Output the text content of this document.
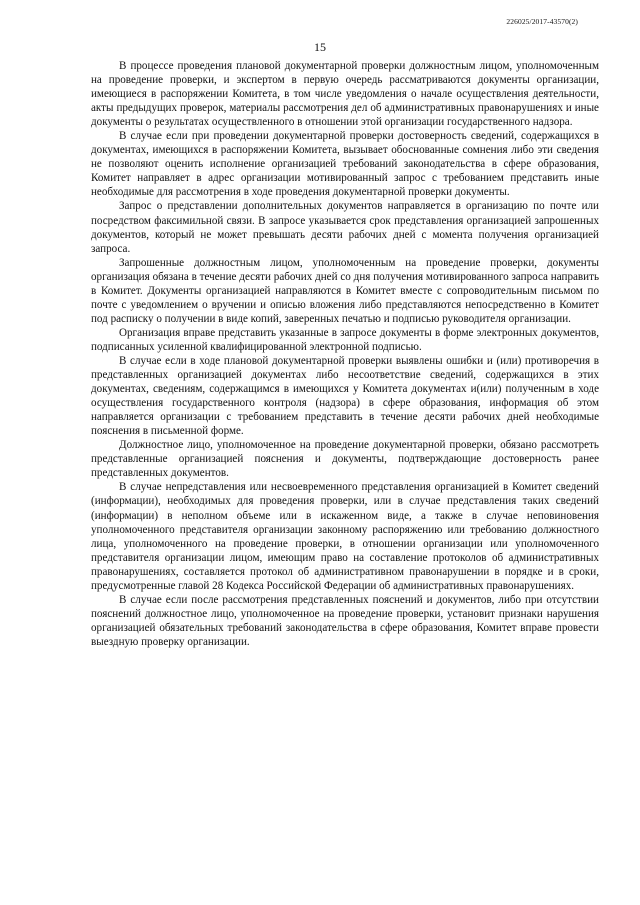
226025/2017-43570(2)
15

В процессе проведения плановой документарной проверки должностным лицом, уполномоченным на проведение проверки, и экспертом в первую очередь рассматриваются документы организации, имеющиеся в распоряжении Комитета, в том числе уведомления о начале осуществления деятельности, акты предыдущих проверок, материалы рассмотрения дел об административных правонарушениях и иные документы о результатах осуществленного в отношении этой организации государственного надзора.

В случае если при проведении документарной проверки достоверность сведений, содержащихся в документах, имеющихся в распоряжении Комитета, вызывает обоснованные сомнения либо эти сведения не позволяют оценить исполнение организацией требований законодательства в сфере образования, Комитет направляет в адрес организации мотивированный запрос с требованием представить иные необходимые для рассмотрения в ходе проведения документарной проверки документы.

Запрос о представлении дополнительных документов направляется в организацию по почте или посредством факсимильной связи. В запросе указывается срок представления организацией запрошенных документов, который не может превышать десяти рабочих дней с момента получения организацией запроса.

Запрошенные должностным лицом, уполномоченным на проведение проверки, документы организация обязана в течение десяти рабочих дней со дня получения мотивированного запроса направить в Комитет. Документы организацией направляются в Комитет вместе с сопроводительным письмом по почте с уведомлением о вручении и описью вложения либо представляются непосредственно в Комитет под расписку о получении в виде копий, заверенных печатью и подписью руководителя организации.

Организация вправе представить указанные в запросе документы в форме электронных документов, подписанных усиленной квалифицированной электронной подписью.

В случае если в ходе плановой документарной проверки выявлены ошибки и (или) противоречия в представленных организацией документах либо несоответствие сведений, содержащихся в этих документах, сведениям, содержащимся в имеющихся у Комитета документах и(или) полученным в ходе осуществления государственного контроля (надзора) в сфере образования, информация об этом направляется организации с требованием представить в течение десяти рабочих дней необходимые пояснения в письменной форме.

Должностное лицо, уполномоченное на проведение документарной проверки, обязано рассмотреть представленные организацией пояснения и документы, подтверждающие достоверность ранее представленных документов.

В случае непредставления или несвоевременного представления организацией в Комитет сведений (информации), необходимых для проведения проверки, или в случае представления таких сведений (информации) в неполном объеме или в искаженном виде, а также в случае неповиновения уполномоченного представителя организации законному распоряжению или требованию должностного лица, уполномоченного на проведение проверки, в отношении организации или уполномоченного представителя организации лицом, имеющим право на составление протоколов об административных правонарушениях, составляется протокол об административном правонарушении в порядке и в сроки, предусмотренные главой 28 Кодекса Российской Федерации об административных правонарушениях.

В случае если после рассмотрения представленных пояснений и документов, либо при отсутствии пояснений должностное лицо, уполномоченное на проведение проверки, установит признаки нарушения организацией обязательных требований законодательства в сфере образования, Комитет вправе провести выездную проверку организации.
